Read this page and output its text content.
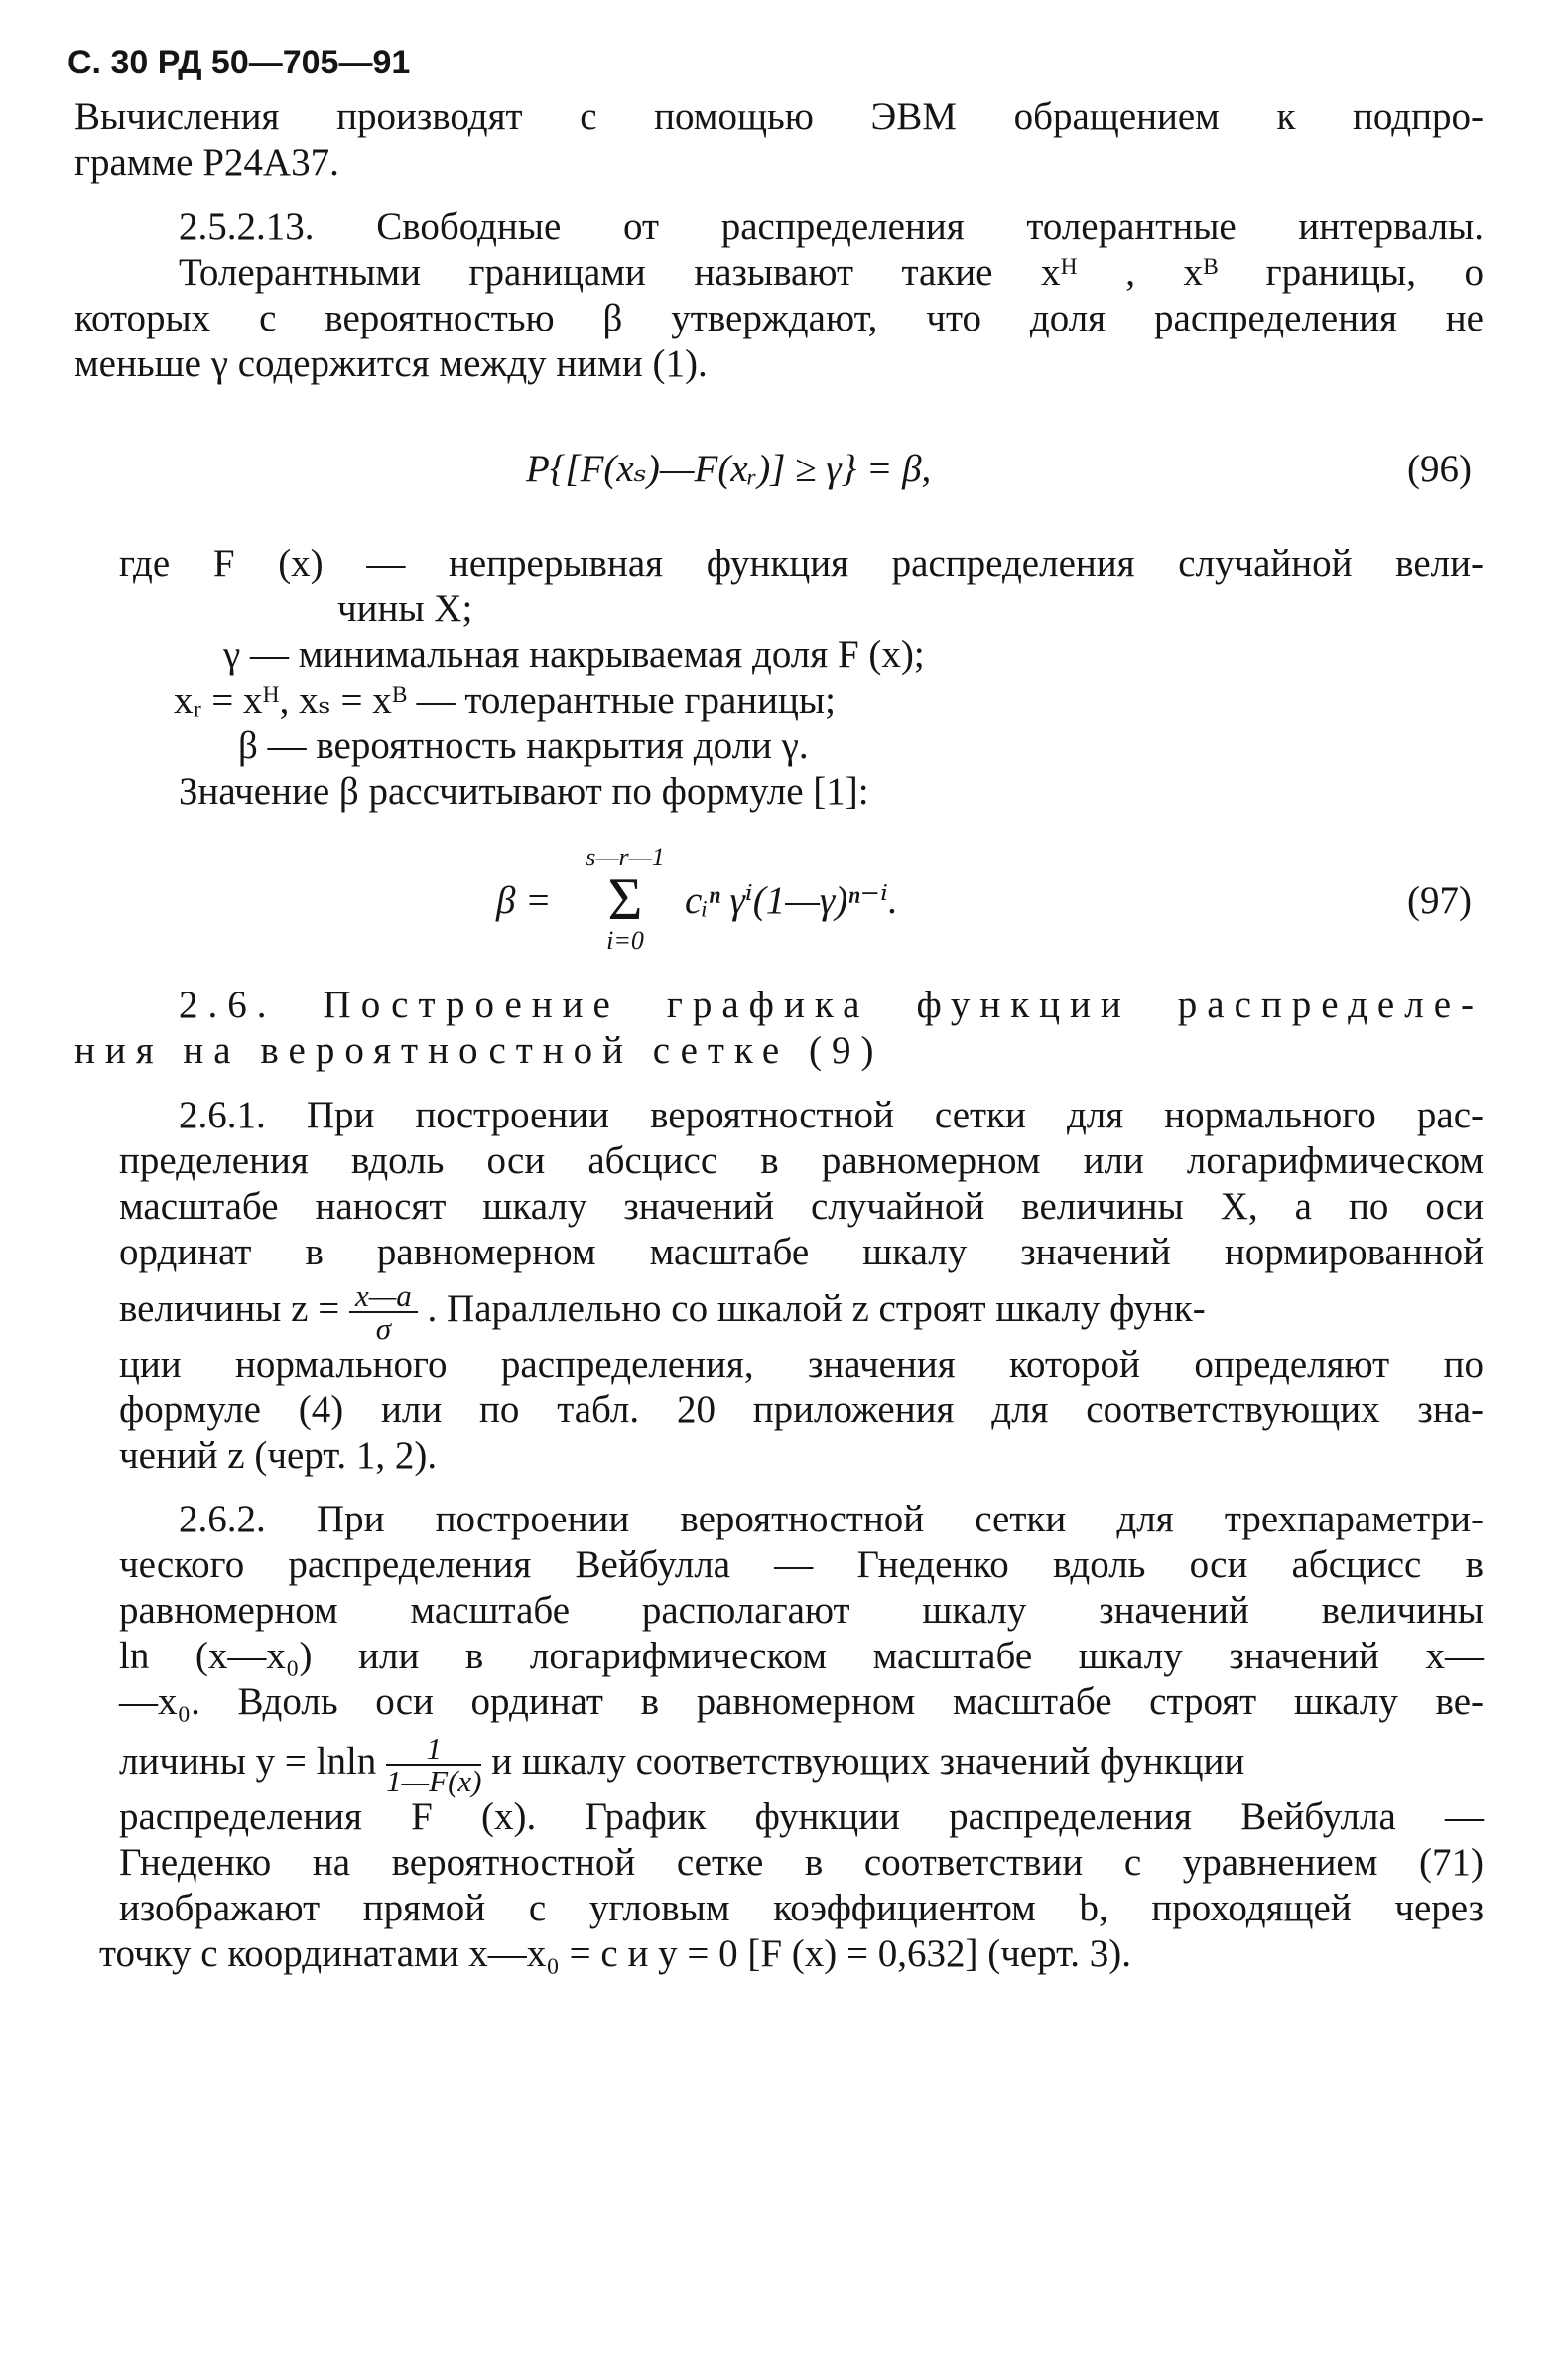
С. 30 РД 50—705—91
Вычисления производят с помощью ЭВМ обращением к подпро-
грамме Р24А37.
2.5.2.13. Свободные от распределения толерантные интервалы.
Толерантными границами называют такие xᴴ , xᴮ границы, о
которых с вероятностью β утверждают, что доля распределения не
меньше γ содержится между ними (1).
P{[F(xₛ)—F(xᵣ)] ≥ γ} = β,	(96)
где F (x) — непрерывная функция распределения случайной вели-
чины X;
γ — минимальная накрываемая доля F (x);
xᵣ = xᴴ, xₛ = xᴮ — толерантные границы;
β — вероятность накрытия доли γ.
Значение β рассчитывают по формуле [1]:
β =
s—r—1
Σ
i=0
cᵢⁿ γⁱ(1—γ)ⁿ⁻ⁱ.	(97)
2.6. Построение графика функции распределе-
ния на вероятностной сетке (9)
2.6.1. При построении вероятностной сетки для нормального рас-
пределения вдоль оси абсцисс в равномерном или логарифмическом
масштабе наносят шкалу значений случайной величины X, а по оси
ординат в равномерном масштабе шкалу значений нормированной
величины $z = \frac{x—a}{\sigma}$ . Параллельно со шкалой z строят шкалу функ-
ции нормального распределения, значения которой определяют по
формуле (4) или по табл. 20 приложения для соответствующих зна-
чений z (черт. 1, 2).
2.6.2. При построении вероятностной сетки для трехпараметри-
ческого распределения Вейбулла — Гнеденко вдоль оси абсцисс в
равномерном масштабе располагают шкалу значений величины
ln (x—x₀) или в логарифмическом масштабе шкалу значений x—
—x₀. Вдоль оси ординат в равномерном масштабе строят шкалу ве-
личины y = lnln $\frac{1}{1—F(x)}$ и шкалу соответствующих значений функции
распределения F (x). График функции распределения Вейбулла —
Гнеденко на вероятностной сетке в соответствии с уравнением (71)
изображают прямой с угловым коэффициентом b, проходящей через
точку с координатами x—x₀ = c и y = 0 [F (x) = 0,632] (черт. 3).
